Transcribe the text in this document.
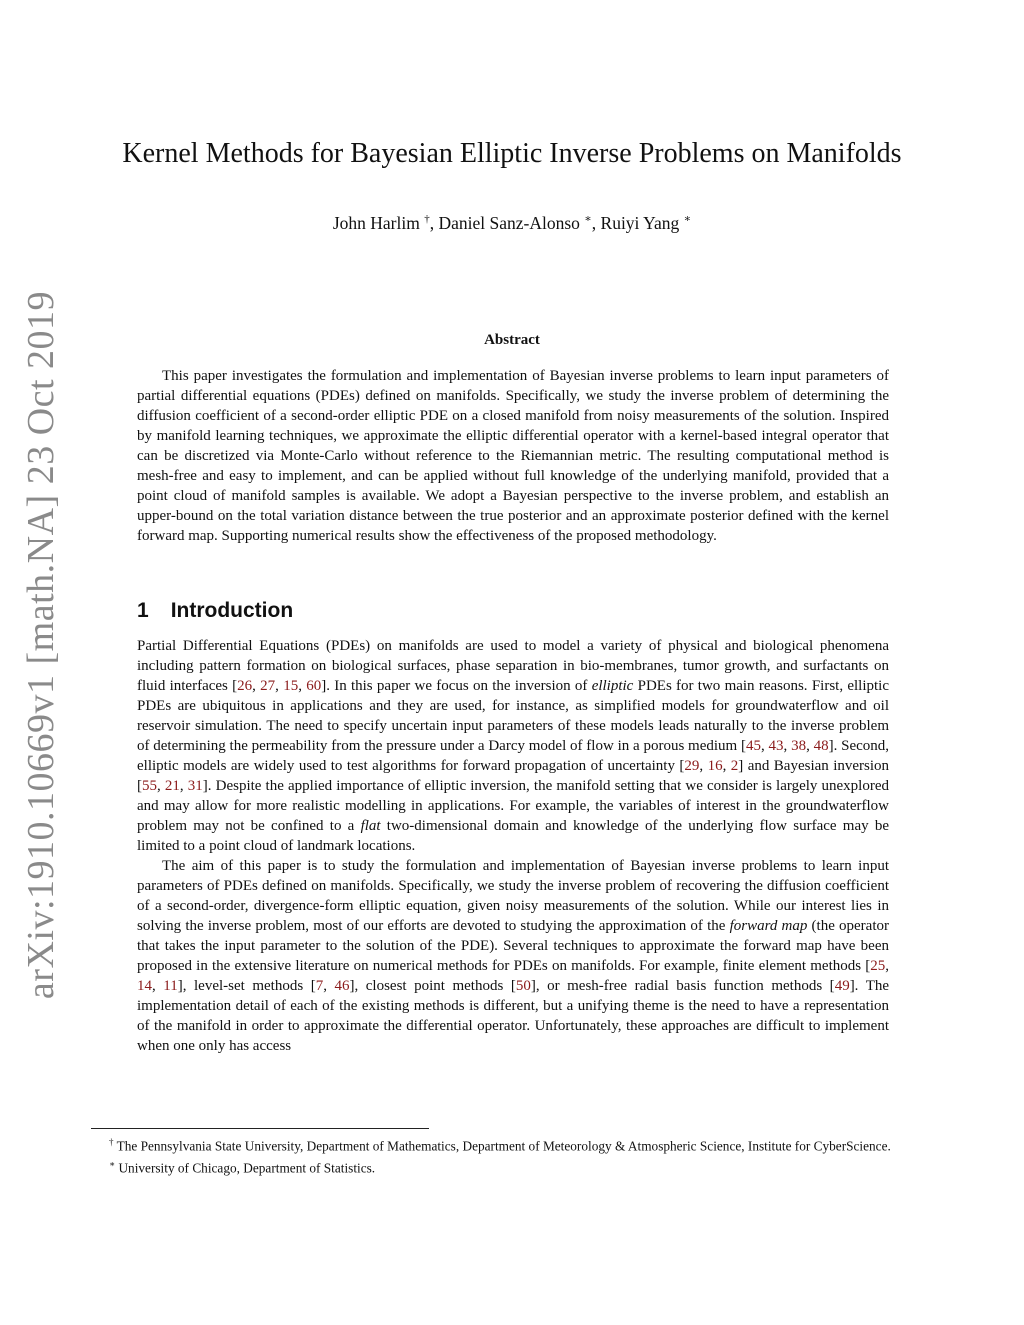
arXiv:1910.10669v1 [math.NA] 23 Oct 2019
Kernel Methods for Bayesian Elliptic Inverse Problems on Manifolds
John Harlim †, Daniel Sanz-Alonso ∗, Ruiyi Yang ∗
Abstract

This paper investigates the formulation and implementation of Bayesian inverse problems to learn input parameters of partial differential equations (PDEs) defined on manifolds. Specifically, we study the inverse problem of determining the diffusion coefficient of a second-order elliptic PDE on a closed manifold from noisy measurements of the solution. Inspired by manifold learning techniques, we approximate the elliptic differential operator with a kernel-based integral operator that can be discretized via Monte-Carlo without reference to the Riemannian metric. The resulting computational method is mesh-free and easy to implement, and can be applied without full knowledge of the underlying manifold, provided that a point cloud of manifold samples is available. We adopt a Bayesian perspective to the inverse problem, and establish an upper-bound on the total variation distance between the true posterior and an approximate posterior defined with the kernel forward map. Supporting numerical results show the effectiveness of the proposed methodology.

1 Introduction

Partial Differential Equations (PDEs) on manifolds are used to model a variety of physical and biological phenomena including pattern formation on biological surfaces, phase separation in bio-membranes, tumor growth, and surfactants on fluid interfaces [26, 27, 15, 60]. In this paper we focus on the inversion of elliptic PDEs for two main reasons. First, elliptic PDEs are ubiquitous in applications and they are used, for instance, as simplified models for groundwaterflow and oil reservoir simulation. The need to specify uncertain input parameters of these models leads naturally to the inverse problem of determining the permeability from the pressure under a Darcy model of flow in a porous medium [45, 43, 38, 48]. Second, elliptic models are widely used to test algorithms for forward propagation of uncertainty [29, 16, 2] and Bayesian inversion [55, 21, 31]. Despite the applied importance of elliptic inversion, the manifold setting that we consider is largely unexplored and may allow for more realistic modelling in applications. For example, the variables of interest in the groundwaterflow problem may not be confined to a flat two-dimensional domain and knowledge of the underlying flow surface may be limited to a point cloud of landmark locations.

The aim of this paper is to study the formulation and implementation of Bayesian inverse problems to learn input parameters of PDEs defined on manifolds. Specifically, we study the inverse problem of recovering the diffusion coefficient of a second-order, divergence-form elliptic equation, given noisy measurements of the solution. While our interest lies in solving the inverse problem, most of our efforts are devoted to studying the approximation of the forward map (the operator that takes the input parameter to the solution of the PDE). Several techniques to approximate the forward map have been proposed in the extensive literature on numerical methods for PDEs on manifolds. For example, finite element methods [25, 14, 11], level-set methods [7, 46], closest point methods [50], or mesh-free radial basis function methods [49]. The implementation detail of each of the existing methods is different, but a unifying theme is the need to have a representation of the manifold in order to approximate the differential operator. Unfortunately, these approaches are difficult to implement when one only has access

† The Pennsylvania State University, Department of Mathematics, Department of Meteorology & Atmospheric Science, Institute for CyberScience.

∗ University of Chicago, Department of Statistics.
